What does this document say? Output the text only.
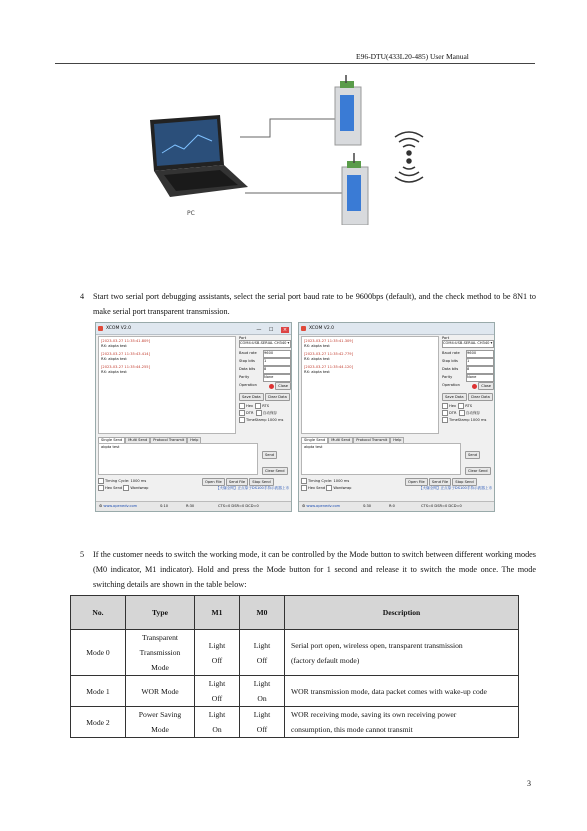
E96-DTU(433L20-485) User Manual
PC
4 Start two serial port debugging assistants, select the serial port baud rate to be 9600bps (default), and the check method to be 8N1 to make serial port transparent transmission.
XCOM V2.0	— ☐ ×
[2023-03-27 11:35:41.809]
RX: abpta test
[2023-03-27 11:35:43.414]
RX: abpta test
[2023-03-27 11:35:44.255]
RX: abpta test
Port
COM4:USB-SERIAL CH340 ▾
Baud rate 9600
Stop bits	1
Data bits 8
Parity	None
Operation	Close
Save Data Clear Data
Hex	RTS
DTR	自动保存
TimeStamp 1000 ms
Single Send Multi Send Protocol Transmit Help
abpta test
Send
Clear Send
Timing Cycle: 1000 ms
Hex Send Wordwrap
Open File Send File Stop Send
【火爆全网】正点原子DS100手持示波器上市
⚙ www.openedv.com	S:10	R:30	CTS=0 DSR=0 DCD=0
XCOM V2.0
[2023-03-27 11:35:41.309]
RX: abpta test
[2023-03-27 11:35:42.779]
RX: abpta test
[2023-03-27 11:35:44.120]
RX: abpta test
Port
COM4:USB-SERIAL CH340 ▾
Baud rate 9600
Stop bits	1
Data bits 8
Parity	None
Operation	Close
Save Data Clear Data
Hex	RTS
DTR	自动保存
TimeStamp 1000 ms
Single Send Multi Send Protocol Transmit Help
abpta test
Send
Clear Send
Timing Cycle: 1000 ms
Hex Send Wordwrap
Open File Send File Stop Send
【火爆全网】正点原子DS100手持示波器上市
⚙ www.openedv.com	S:30	R:0	CTS=0 DSR=0 DCD=0
5 If the customer needs to switch the working mode, it can be controlled by the Mode button to switch between different working modes (M0 indicator, M1 indicator). Hold and press the Mode button for 1 second and release it to switch the mode once. The mode switching details are shown in the table below:
No.	Type	M1	M0	Description
Mode 0	Transparent
Transmission
Mode	Light
Off	Light
Off	Serial port open, wireless open, transparent transmission
(factory default mode)
Mode 1	WOR Mode	Light
Off	Light
On	WOR transmission mode, data packet comes with wake-up code
Mode 2	Power Saving
Mode	Light
On	Light
Off	WOR receiving mode, saving its own receiving power
consumption, this mode cannot transmit
3
